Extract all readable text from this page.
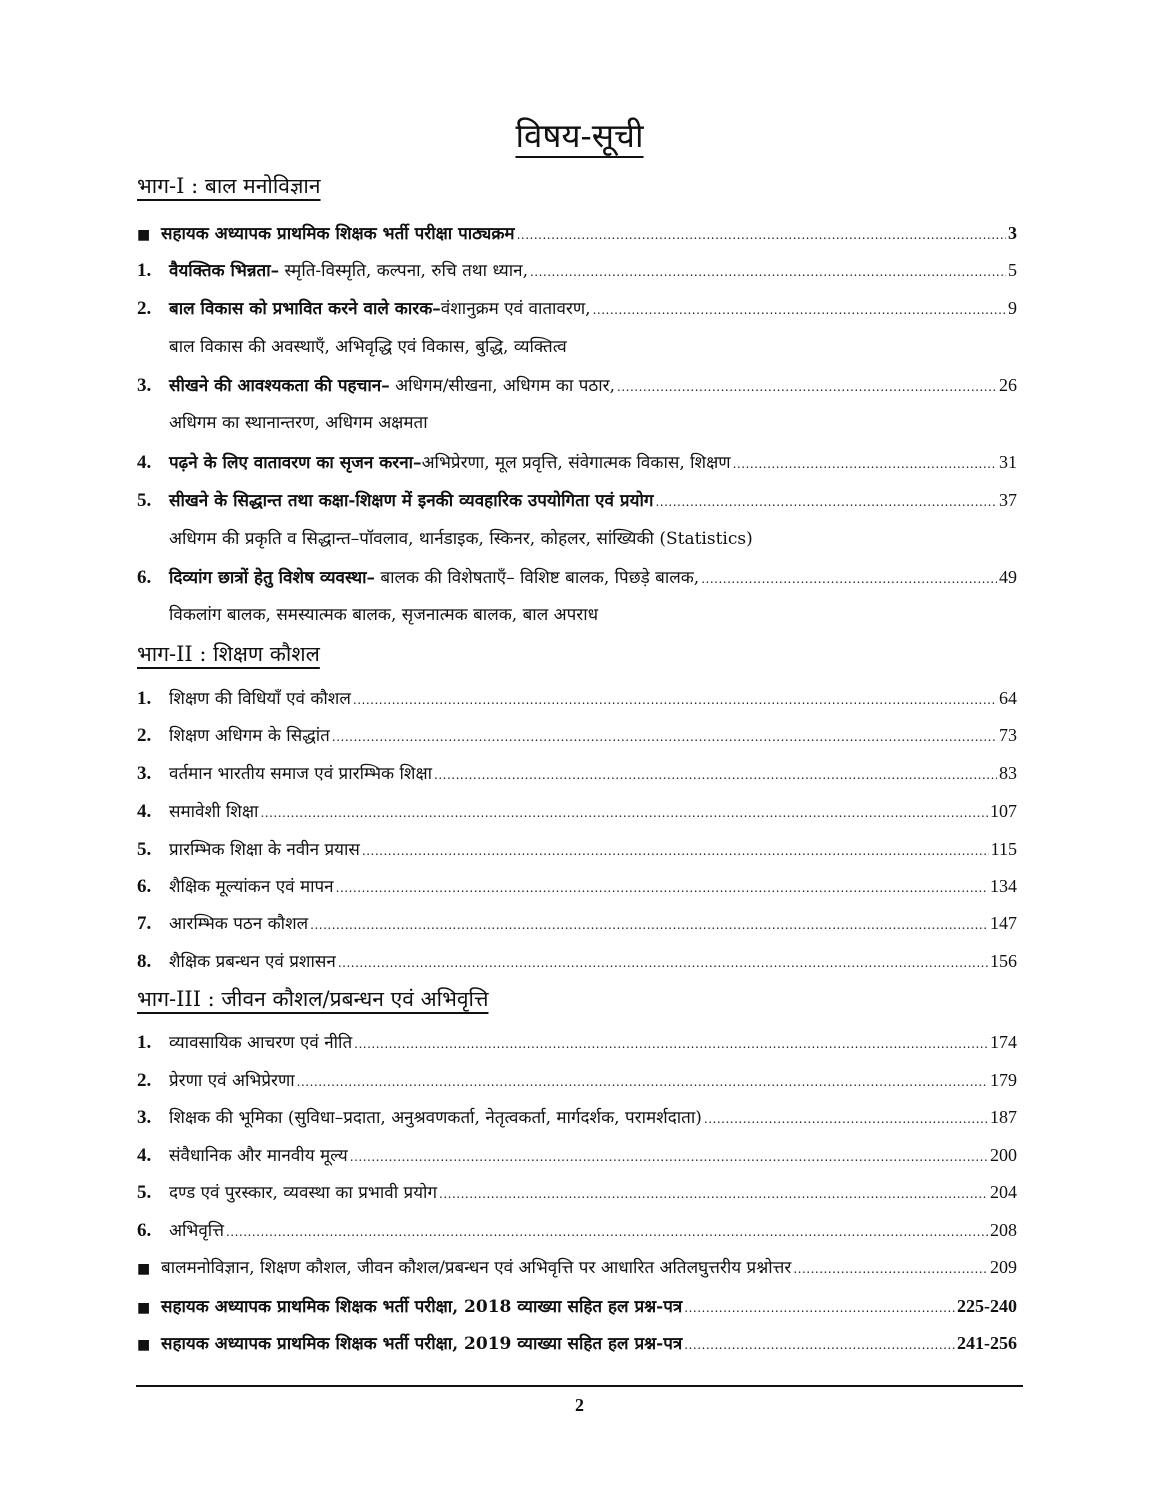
विषय-सूची
भाग-I : बाल मनोविज्ञान
■ सहायक अध्यापक प्राथमिक शिक्षक भर्ती परीक्षा पाठ्यक्रम .....	3
1.	वैयक्तिक भिन्नता– स्मृति-विस्मृति, कल्पना, रुचि तथा ध्यान, .....	5
2.	बाल विकास को प्रभावित करने वाले कारक–वंशानुक्रम एवं वातावरण, .....	9
बाल विकास की अवस्थाएँ, अभिवृद्धि एवं विकास, बुद्धि, व्यक्तित्व
3.	सीखने की आवश्यकता की पहचान– अधिगम/सीखना, अधिगम का पठार, .....	26
अधिगम का स्थानान्तरण, अधिगम अक्षमता
4.	पढ़ने के लिए वातावरण का सृजन करना–अभिप्रेरणा, मूल प्रवृत्ति, संवेगात्मक विकास, शिक्षण .....	31
5.	सीखने के सिद्धान्त तथा कक्षा-शिक्षण में इनकी व्यवहारिक उपयोगिता एवं प्रयोग .....	37
अधिगम की प्रकृति व सिद्धान्त–पॉवलाव, थार्नडाइक, स्किनर, कोहलर, सांख्यिकी (Statistics)
6.	दिव्यांग छात्रों हेतु विशेष व्यवस्था– बालक की विशेषताएँ– विशिष्ट बालक, पिछड़े बालक, .....	49
विकलांग बालक, समस्यात्मक बालक, सृजनात्मक बालक, बाल अपराध
भाग-II : शिक्षण कौशल
1.	शिक्षण की विधियाँ एवं कौशल .....	64
2.	शिक्षण अधिगम के सिद्धांत .....	73
3.	वर्तमान भारतीय समाज एवं प्रारम्भिक शिक्षा .....	83
4.	समावेशी शिक्षा .....	107
5.	प्रारम्भिक शिक्षा के नवीन प्रयास .....	115
6.	शैक्षिक मूल्यांकन एवं मापन .....	134
7.	आरम्भिक पठन कौशल .....	147
8.	शैक्षिक प्रबन्धन एवं प्रशासन .....	156
भाग-III : जीवन कौशल/प्रबन्धन एवं अभिवृत्ति
1.	व्यावसायिक आचरण एवं नीति .....	174
2.	प्रेरणा एवं अभिप्रेरणा .....	179
3.	शिक्षक की भूमिका (सुविधा–प्रदाता, अनुश्रवणकर्ता, नेतृत्वकर्ता, मार्गदर्शक, परामर्शदाता) .....	187
4.	संवैधानिक और मानवीय मूल्य .....	200
5.	दण्ड एवं पुरस्कार, व्यवस्था का प्रभावी प्रयोग .....	204
6.	अभिवृत्ति .....	208
■ बालमनोविज्ञान, शिक्षण कौशल, जीवन कौशल/प्रबन्धन एवं अभिवृत्ति पर आधारित अतिलघुत्तरीय प्रश्नोत्तर .....	209
■ सहायक अध्यापक प्राथमिक शिक्षक भर्ती परीक्षा, 2018 व्याख्या सहित हल प्रश्न-पत्र .....	225-240
■ सहायक अध्यापक प्राथमिक शिक्षक भर्ती परीक्षा, 2019 व्याख्या सहित हल प्रश्न-पत्र .....	241-256
2
